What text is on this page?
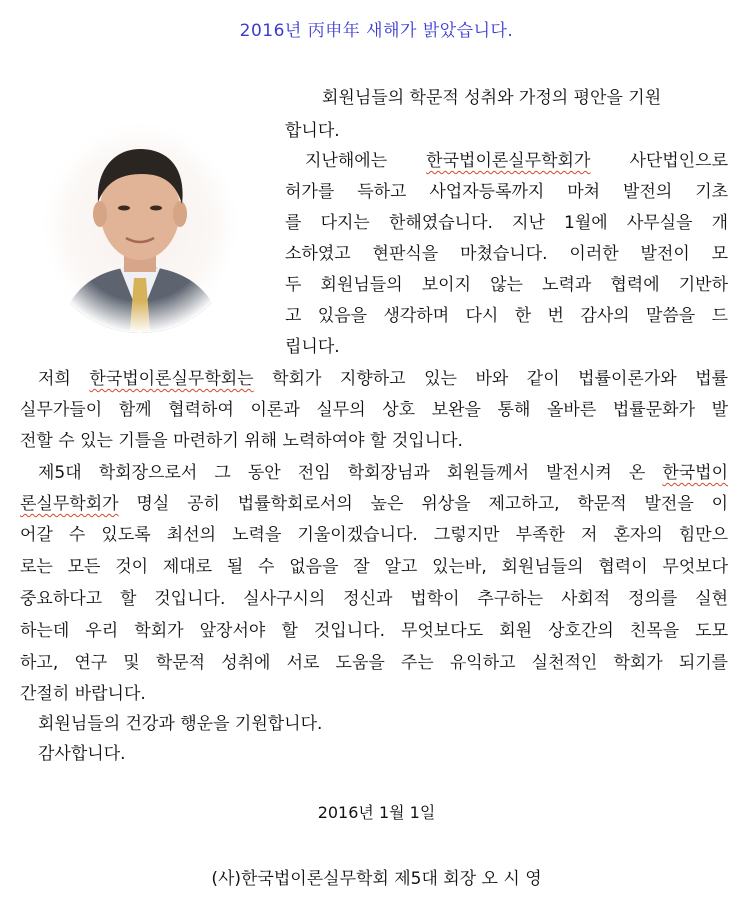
2016년 丙申年 새해가 밝았습니다.
회원님들의 학문적 성취와 가정의 평안을 기원
합니다.
지난해에는 한국법이론실무학회가 사단법인으로
허가를 득하고 사업자등록까지 마쳐 발전의 기초
를 다지는 한해였습니다. 지난 1월에 사무실을 개
소하였고 현판식을 마쳤습니다. 이러한 발전이 모
두 회원님들의 보이지 않는 노력과 협력에 기반하
고 있음을 생각하며 다시 한 번 감사의 말씀을 드
립니다.
저희 한국법이론실무학회는 학회가 지향하고 있는 바와 같이 법률이론가와 법률
실무가들이 함께 협력하여 이론과 실무의 상호 보완을 통해 올바른 법률문화가 발
전할 수 있는 기틀을 마련하기 위해 노력하여야 할 것입니다.
제5대 학회장으로서 그 동안 전임 학회장님과 회원들께서 발전시켜 온 한국법이
론실무학회가 명실 공히 법률학회로서의 높은 위상을 제고하고, 학문적 발전을 이
어갈 수 있도록 최선의 노력을 기울이겠습니다. 그렇지만 부족한 저 혼자의 힘만으
로는 모든 것이 제대로 될 수 없음을 잘 알고 있는바, 회원님들의 협력이 무엇보다
중요하다고 할 것입니다. 실사구시의 정신과 법학이 추구하는 사회적 정의를 실현
하는데 우리 학회가 앞장서야 할 것입니다. 무엇보다도 회원 상호간의 친목을 도모
하고, 연구 및 학문적 성취에 서로 도움을 주는 유익하고 실천적인 학회가 되기를
간절히 바랍니다.
회원님들의 건강과 행운을 기원합니다.
감사합니다.
2016년 1월 1일
(사)한국법이론실무학회 제5대 회장 오 시 영
